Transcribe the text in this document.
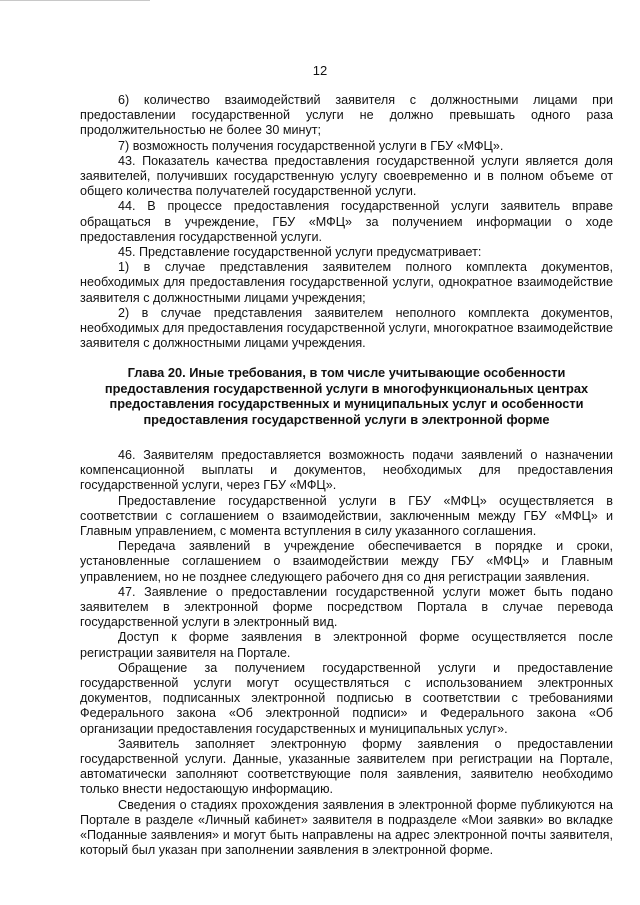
12

6) количество взаимодействий заявителя с должностными лицами при предоставлении государственной услуги не должно превышать одного раза продолжительностью не более 30 минут;

7) возможность получения государственной услуги в ГБУ «МФЦ».

43. Показатель качества предоставления государственной услуги является доля заявителей, получивших государственную услугу своевременно и в полном объеме от общего количества получателей государственной услуги.

44. В процессе предоставления государственной услуги заявитель вправе обращаться в учреждение, ГБУ «МФЦ» за получением информации о ходе предоставления государственной услуги.

45. Представление государственной услуги предусматривает:

1) в случае представления заявителем полного комплекта документов, необходимых для предоставления государственной услуги, однократное взаимодействие заявителя с должностными лицами учреждения;

2) в случае представления заявителем неполного комплекта документов, необходимых для предоставления государственной услуги, многократное взаимодействие заявителя с должностными лицами учреждения.

Глава 20. Иные требования, в том числе учитывающие особенности предоставления государственной услуги в многофункциональных центрах предоставления государственных и муниципальных услуг и особенности предоставления государственной услуги в электронной форме

46. Заявителям предоставляется возможность подачи заявлений о назначении компенсационной выплаты и документов, необходимых для предоставления государственной услуги, через ГБУ «МФЦ».

Предоставление государственной услуги в ГБУ «МФЦ» осуществляется в соответствии с соглашением о взаимодействии, заключенным между ГБУ «МФЦ» и Главным управлением, с момента вступления в силу указанного соглашения.

Передача заявлений в учреждение обеспечивается в порядке и сроки, установленные соглашением о взаимодействии между ГБУ «МФЦ» и Главным управлением, но не позднее следующего рабочего дня со дня регистрации заявления.

47. Заявление о предоставлении государственной услуги может быть подано заявителем в электронной форме посредством Портала в случае перевода государственной услуги в электронный вид.

Доступ к форме заявления в электронной форме осуществляется после регистрации заявителя на Портале.

Обращение за получением государственной услуги и предоставление государственной услуги могут осуществляться с использованием электронных документов, подписанных электронной подписью в соответствии с требованиями Федерального закона «Об электронной подписи» и Федерального закона «Об организации предоставления государственных и муниципальных услуг».

Заявитель заполняет электронную форму заявления о предоставлении государственной услуги. Данные, указанные заявителем при регистрации на Портале, автоматически заполняют соответствующие поля заявления, заявителю необходимо только внести недостающую информацию.

Сведения о стадиях прохождения заявления в электронной форме публикуются на Портале в разделе «Личный кабинет» заявителя в подразделе «Мои заявки» во вкладке «Поданные заявления» и могут быть направлены на адрес электронной почты заявителя, который был указан при заполнении заявления в электронной форме.
